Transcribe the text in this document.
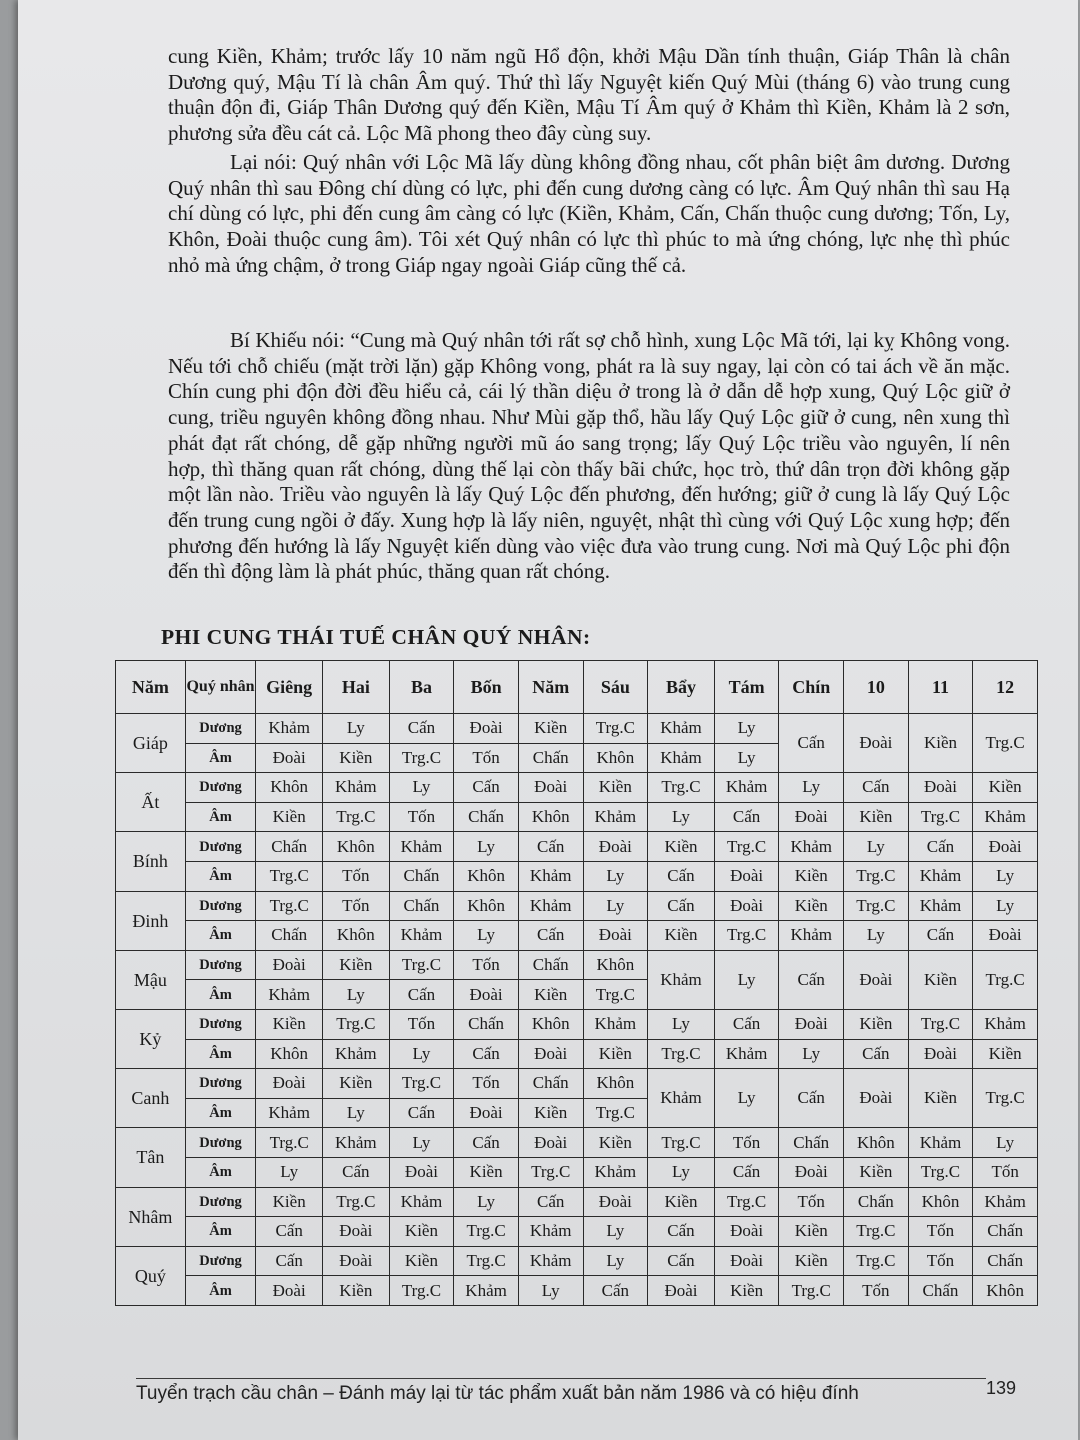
cung Kiền, Khảm; trước lấy 10 năm ngũ Hổ độn, khởi Mậu Dần tính thuận, Giáp Thân là chân Dương quý, Mậu Tí là chân Âm quý. Thứ thì lấy Nguyệt kiến Quý Mùi (tháng 6) vào trung cung thuận độn đi, Giáp Thân Dương quý đến Kiền, Mậu Tí Âm quý ở Khảm thì Kiền, Khảm là 2 sơn, phương sửa đều cát cả. Lộc Mã phong theo đây cùng suy.

Lại nói: Quý nhân với Lộc Mã lấy dùng không đồng nhau, cốt phân biệt âm dương. Dương Quý nhân thì sau Đông chí dùng có lực, phi đến cung dương càng có lực. Âm Quý nhân thì sau Hạ chí dùng có lực, phi đến cung âm càng có lực (Kiền, Khảm, Cấn, Chấn thuộc cung dương; Tốn, Ly, Khôn, Đoài thuộc cung âm). Tôi xét Quý nhân có lực thì phúc to mà ứng chóng, lực nhẹ thì phúc nhỏ mà ứng chậm, ở trong Giáp ngay ngoài Giáp cũng thế cả.

Bí Khiếu nói: “Cung mà Quý nhân tới rất sợ chỗ hình, xung Lộc Mã tới, lại kỵ Không vong. Nếu tới chỗ chiếu (mặt trời lặn) gặp Không vong, phát ra là suy ngay, lại còn có tai ách về ăn mặc. Chín cung phi độn đời đều hiểu cả, cái lý thần diệu ở trong là ở dẫn dễ hợp xung, Quý Lộc giữ ở cung, triều nguyên không đồng nhau. Như Mùi gặp thổ, hầu lấy Quý Lộc giữ ở cung, nên xung thì phát đạt rất chóng, dễ gặp những người mũ áo sang trọng; lấy Quý Lộc triều vào nguyên, lí nên hợp, thì thăng quan rất chóng, dùng thế lại còn thấy bãi chức, học trò, thứ dân trọn đời không gặp một lần nào. Triều vào nguyên là lấy Quý Lộc đến phương, đến hướng; giữ ở cung là lấy Quý Lộc đến trung cung ngồi ở đấy. Xung hợp là lấy niên, nguyệt, nhật thì cùng với Quý Lộc xung hợp; đến phương đến hướng là lấy Nguyệt kiến dùng vào việc đưa vào trung cung. Nơi mà Quý Lộc phi độn đến thì động làm là phát phúc, thăng quan rất chóng.

PHI CUNG THÁI TUẾ CHÂN QUÝ NHÂN:

Năm	Quý nhân	Giêng	Hai	Ba	Bốn	Năm	Sáu	Bẩy	Tám	Chín	10	11	12
Giáp	Dương	Khảm	Ly	Cấn	Đoài	Kiền	Trg.C	Khảm	Ly	Cấn	Đoài	Kiền	Trg.C
	Âm	Đoài	Kiền	Trg.C	Tốn	Chấn	Khôn	Khảm	Ly				
Ất	Dương	Khôn	Khảm	Ly	Cấn	Đoài	Kiền	Trg.C	Khảm	Ly	Cấn	Đoài	Kiền
	Âm	Kiền	Trg.C	Tốn	Chấn	Khôn	Khảm	Ly	Cấn	Đoài	Kiền	Trg.C	Khảm
Bính	Dương	Chấn	Khôn	Khảm	Ly	Cấn	Đoài	Kiền	Trg.C	Khảm	Ly	Cấn	Đoài
	Âm	Trg.C	Tốn	Chấn	Khôn	Khảm	Ly	Cấn	Đoài	Kiền	Trg.C	Khảm	Ly
Đinh	Dương	Trg.C	Tốn	Chấn	Khôn	Khảm	Ly	Cấn	Đoài	Kiền	Trg.C	Khảm	Ly
	Âm	Chấn	Khôn	Khảm	Ly	Cấn	Đoài	Kiền	Trg.C	Khảm	Ly	Cấn	Đoài
Mậu	Dương	Đoài	Kiền	Trg.C	Tốn	Chấn	Khôn	Khảm	Ly	Cấn	Đoài	Kiền	Trg.C
	Âm	Khảm	Ly	Cấn	Đoài	Kiền	Trg.C						
Kỷ	Dương	Kiền	Trg.C	Tốn	Chấn	Khôn	Khảm	Ly	Cấn	Đoài	Kiền	Trg.C	Khảm
	Âm	Khôn	Khảm	Ly	Cấn	Đoài	Kiền	Trg.C	Khảm	Ly	Cấn	Đoài	Kiền
Canh	Dương	Đoài	Kiền	Trg.C	Tốn	Chấn	Khôn	Khảm	Ly	Cấn	Đoài	Kiền	Trg.C
	Âm	Khảm	Ly	Cấn	Đoài	Kiền	Trg.C						
Tân	Dương	Trg.C	Khảm	Ly	Cấn	Đoài	Kiền	Trg.C	Tốn	Chấn	Khôn	Khảm	Ly
	Âm	Ly	Cấn	Đoài	Kiền	Trg.C	Khảm	Ly	Cấn	Đoài	Kiền	Trg.C	Tốn
Nhâm	Dương	Kiền	Trg.C	Khảm	Ly	Cấn	Đoài	Kiền	Trg.C	Tốn	Chấn	Khôn	Khảm
	Âm	Cấn	Đoài	Kiền	Trg.C	Khảm	Ly	Cấn	Đoài	Kiền	Trg.C	Tốn	Chấn
Quý	Dương	Cấn	Đoài	Kiền	Trg.C	Khảm	Ly	Cấn	Đoài	Kiền	Trg.C	Tốn	Chấn
	Âm	Đoài	Kiền	Trg.C	Khảm	Ly	Cấn	Đoài	Kiền	Trg.C	Tốn	Chấn	Khôn
Tuyển trạch cầu chân – Đánh máy lại từ tác phẩm xuất bản năm 1986 và có hiệu đính	139
